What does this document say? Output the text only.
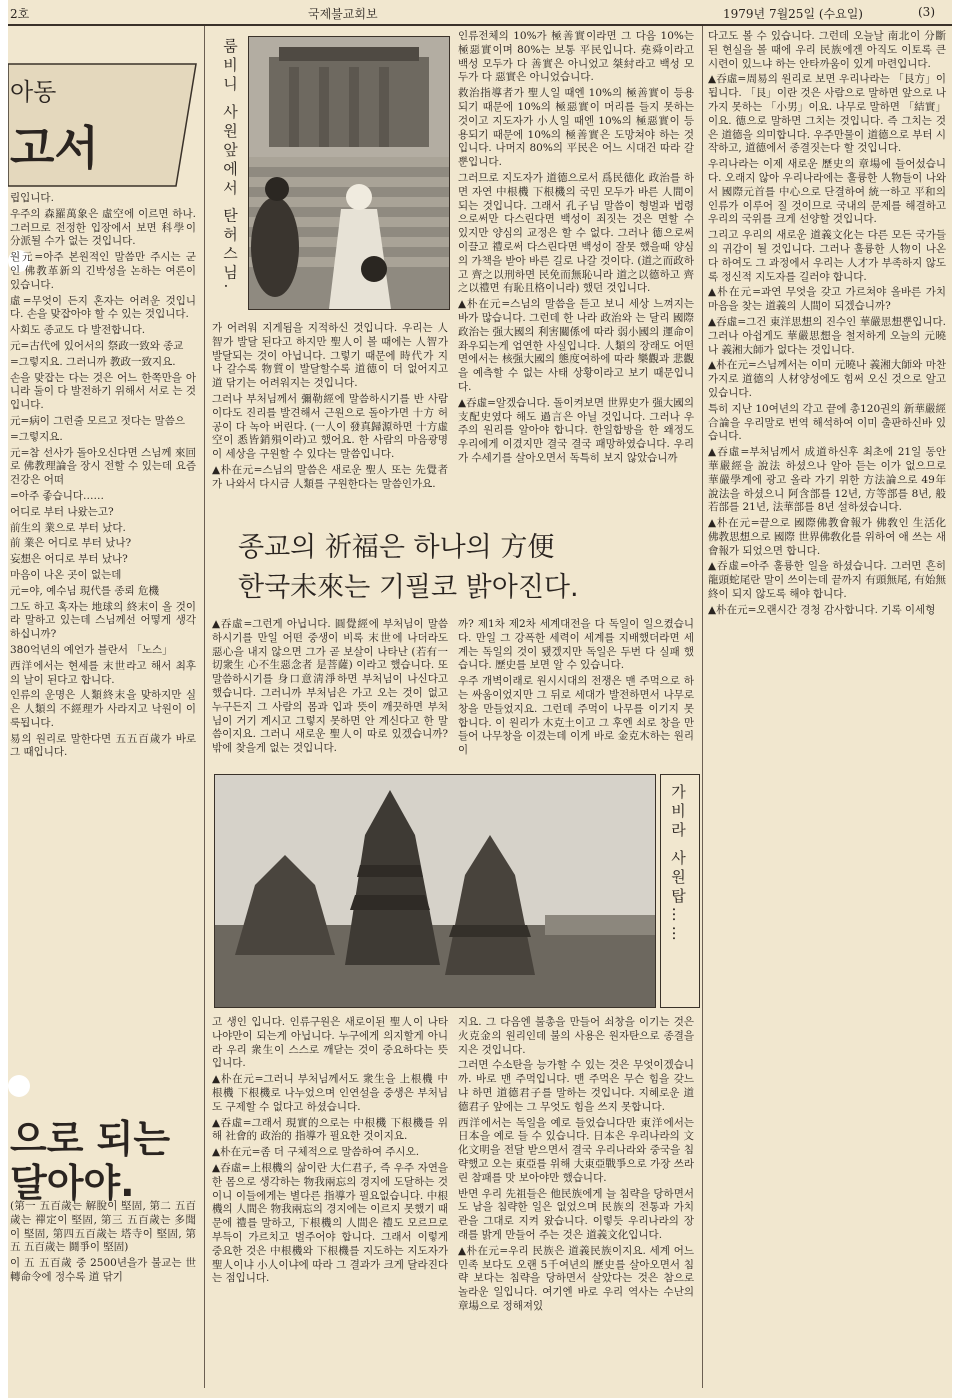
2호	국제불교회보	1979년 7월25일 (수요일)	(3)
아동
고서

립입니다.

우주의 森羅萬象은 虛空에 이르면 하나.그러므로 전정한 입장에서 보면 科學이 分派될 수가 없는 것입니다.

원元=아주 본원적인 말씀만 주시는 군 인 佛教革新의 긴박성을 논하는 여론이 있습니다.

虛=무엇이 든지 혼자는 어려운 것입니다. 손을 맞잡아야 할 수 있는 것입니다.

사회도 종교도 다 발전합니다.

元=古代에 있어서의 祭政一致와 종교

=그렇지요. 그러니까 教政一致지요.

손을 맞잡는 다는 것은 어느 한쪽만을 아니라 둘이 다 발전하기 위해서 서로 는 것입니다.

元=病이 그런줄 모르고 젓다는 말씀으

=그렇지요.

元=참 선사가 돌아오신다면 스님께 來回로 佛教理論을 장시 전할 수 있는데 요즘 건강은 어떠

=아주 좋습니다……

어디로 부터 나왔는고?

前生의 業으로 부터 났다.

前 業은 어디로 부터 났나?

妄想은 어디로 부터 났나?

마음이 나온 곳이 없는데

元=야, 예수님 現代를 종뢰 危機

그도 하고 혹자는 地球의 終末이 올 것이라 말하고 있는데 스님께선 어떻게 생각하십니까?

380억년의 예언가 블란서 「노스」

西洋에서는 현세를 末世라고 해서 최후의 날이 된다고 합니다.

인류의 운명은 人類終末을 맞하지만 실은 人類의 不經理가 사라지고 낙원이 이룩됩니다.

易의 원리로 말한다면 五五百歲가 바로 그 때입니다.

으로 되는
달아야.

(第一 五百歲는 解脫이 堅固, 第二 五百歲는 禪定이 堅固, 第三 五百歲는 多聞이 堅固, 第四五百歲는 塔寺이 堅固, 第五 五百歲는 鬪爭이 堅固)

이 五 五百歲 중 2500년을가 불교는 世轉命令에 정수록 道 닦기

룸비니 사원앞에서 탄허스님.

가 어려워 지게됨을 지적하신 것입니다. 우리는 人智가 발달 된다고 하지만 聖人이 볼 때에는 人智가 발달되는 것이 아닙니다. 그렇기 때문에 時代가 지나 갈수록 物質이 발달할수록 道德이 더 없어지고 道 닦기는 어려워지는 것입니다.

그러나 부처님께서 彌勒經에 말씀하시기를 반 사람이다도 진리를 발견해서 근원으로 돌아가면 十方 허공이 다 녹아 버린다. (一人이 發真歸源하면 十方虛空이 悉皆銷殞이라)고 했어요. 한 사람의 마음광명이 세상을 구원할 수 있다는 말씀입니다.

▲朴在元=스님의 말씀은 새로운 聖人 또는 先覺者가 나와서 다시금 人類를 구원한다는 말씀인가요.

인류전체의 10%가 極善實이라면 그 다음 10%는 極惡實이며 80%는 보통 平民입니다. 堯舜이라고 백성 모두가 다 善實은 아니었고 桀紂라고 백성 모두가 다 惡實은 아니었습니다.

救治指導者가 聖人일 때엔 10%의 極善實이 등용되기 때문에 10%의 極惡實이 머리를 들지 못하는 것이고 지도자가 小人일 때엔 10%의 極惡實이 등용되기 때문에 10%의 極善實은 도망쳐야 하는 것입니다. 나머지 80%의 平民은 어느 시대건 따라 갈 뿐입니다.

그러므로 지도자가 道德으로서 爲民德化 政治를 하면 자연 中根機 下根機의 국민 모두가 바른 人間이 되는 것입니다. 그래서 孔子님 말씀이 형벌과 법령으로써만 다스린다면 백성이 죄짓는 것은 면할 수 있지만 양심의 교정은 할 수 없다. 그러나 德으로써 이끌고 禮로써 다스린다면 백성이 잘못 했을때 양심의 가책을 받아 바른 길로 나갈 것이다. (道之而政하고 齊之以刑하면 民免而無恥니라 道之以德하고 齊之以禮면 有恥且格이니라) 했던 것입니다.

▲朴在元=스님의 말씀을 듣고 보니 세상 느껴지는 바가 많습니다. 그런데 한 나라 政治와 는 달리 國際政治는 强大國의 利害關係에 따라 弱小國의 運命이 좌우되는게 엄연한 사실입니다. 人類의 장래도 어떤 면에서는 核强大國의 態度여하에 따라 樂觀과 悲觀을 예측할 수 없는 사태 상황이라고 보기 때문입니다.

▲吞虛=알겠습니다. 돌이켜보면 世界史가 强大國의 支配史였다 해도 過言은 아닐 것입니다. 그러나 우주의 원리를 알아야 합니다. 한일합방을 한 왜정도 우리에게 이겼지만 결국 결국 패망하였습니다. 우리가 수세기를 살아오면서 독특히 보지 않았습니까

종교의 祈福은 하나의 方便
한국未來는 기필코 밝아진다.

▲吞虛=그런게 아닙니다. 圓覺經에 부처님이 말씀하시기를 만일 어떤 중생이 비록 末世에 나더라도 惡心을 내지 않으면 그가 곧 보살이 나타난 (若有一切衆生 心不生惡念者 是菩薩) 이라고 했습니다. 또 말씀하시기를 身口意淸淨하면 부처님이 나신다고 했습니다. 그러니까 부처님은 가고 오는 것이 없고 누구든지 그 사람의 몸과 입과 뜻이 깨끗하면 부처님이 거기 계시고 그렇지 못하면 안 계신다고 한 말씀이지요. 그러니 새로운 聖人이 따로 있겠습니까? 밖에 찾을게 없는 것입니다.

까? 제1차 제2차 세계대전을 다 독일이 일으켰습니다. 만일 그 강폭한 세력이 세계를 지배했더라면 세계는 독일의 것이 됐겠지만 독일은 두번 다 실패 했습니다. 歷史를 보면 알 수 있습니다.

우주 개벽이래로 원시시대의 전쟁은 맨 주먹으로 하는 싸움이었지만 그 뒤로 세대가 발전하면서 나무로 창을 만들었지요. 그런데 주먹이 나무를 이기지 못합니다. 이 원리가 木克土이고 그 후엔 쇠로 창을 만들어 나무창을 이겼는데 이게 바로 金克木하는 원리이

가비라 사원탑……

고 생인 입니다. 인류구원은 새로이된 聖人이 나타나야만이 되는게 아닙니다. 누구에게 의지할게 아니라 우리 衆生이 스스로 깨닫는 것이 중요하다는 뜻입니다.

▲朴在元=그러니 부처님께서도 衆生을 上根機 中根機 下根機로 나누었으며 인연설을 중생은 부처님도 구제할 수 없다고 하셨습니다.

▲吞虛=그래서 現實的으로는 中根機 下根機를 위해 社會的 政治的 指導가 필요한 것이지요.

▲朴在元=좀 더 구체적으로 말씀하여 주시오.

▲吞虛=上根機의 삶이란 大仁君子, 즉 우주 자연을 한 몸으로 생각하는 物我兩忘의 경지에 도달하는 것이니 이들에게는 별다른 指導가 필요없습니다. 中根機의 人間은 物我兩忘의 경지에는 이르지 못했기 때문에 禮를 말하고, 下根機의 人間은 禮도 모르므로 부득이 가르치고 벌주어야 합니다. 그래서 이렇게 중요한 것은 中根機와 下根機를 지도하는 지도자가 聖人이냐 小人이냐에 따라 그 결과가 크게 달라진다는 점입니다.

지요. 그 다음엔 불총을 만들어 쇠창을 이기는 것은 火克金의 원리인데 불의 사용은 원자탄으로 종결을 지은 것입니다.

그러면 수소탄을 능가할 수 있는 것은 무엇이겠습니까. 바로 맨 주먹입니다. 맨 주먹은 무슨 힘을 갖느냐 하면 道德君子를 말하는 것입니다. 지혜로운 道德君子 앞에는 그 무엇도 힘을 쓰지 못합니다.

西洋에서는 독일을 예로 들었습니다만 東洋에서는 日本을 예로 들 수 있습니다. 日本은 우리나라의 文化文明을 전달 받으면서 결국 우리나라와 중국을 침략했고 오는 東亞를 위해 大東亞戰爭으로 가장 쓰라린 참패를 맛 보아야만 했습니다.

반면 우리 先祖들은 他民族에게 늘 침략을 당하면서도 남을 침략한 일은 없었으며 民族의 전통과 가치관을 그대로 지켜 왔습니다. 이렇듯 우리나라의 장래를 밝게 만들어 주는 것은 道義文化입니다.

▲朴在元=우리 民族은 道義民族이지요. 세계 어느 민족 보다도 오랜 5千여년의 歷史를 살아오면서 침략 보다는 침략을 당하면서 살았다는 것은 참으로 놀라운 일입니다. 여기엔 바로 우리 역사는 수난의 章場으로 정해져있

다고도 볼 수 있습니다. 그런데 오늘날 南北이 分斷된 현실을 볼 때에 우리 民族에겐 아직도 이토록 큰 시련이 있느냐 하는 안타까움이 있게 마련입니다.

▲吞虛=周易의 원리로 보면 우리나라는 「艮方」이 됩니다. 「艮」이란 것은 사람으로 말하면 앞으로 나가지 못하는 「小男」이요. 나무로 말하면 「結實」이요. 德으로 말하면 그치는 것입니다. 즉 그치는 것은 道德을 의미합니다. 우주만물이 道德으로 부터 시작하고, 道德에서 종결짓는다 할 것입니다.

우리나라는 이제 새로운 歷史의 章場에 들어섰습니다. 오래지 않아 우리나라에는 훌륭한 人物들이 나와서 國際元首를 中心으로 단결하여 統一하고 平和의 인류가 이루어 질 것이므로 국내의 문제를 해결하고 우리의 국위를 크게 선양할 것입니다.

그리고 우리의 새로운 道義文化는 다른 모든 국가들의 귀감이 될 것입니다. 그러나 훌륭한 人物이 나온다 하여도 그 과정에서 우리는 人才가 부족하지 않도록 정신적 지도자를 길러야 합니다.

▲朴在元=과연 무엇을 갖고 가르쳐야 올바른 가치 마음을 찾는 道義의 人間이 되겠습니까?

▲吞虛=그건 東洋思想의 진수인 華嚴思想뿐입니다. 그러나 아쉽게도 華嚴思想을 철저하게 오늘의 元曉나 義湘大師가 없다는 것입니다.

▲朴在元=스님께서는 이미 元曉나 義湘大師와 마찬가지로 道德의 人材양성에도 힘써 오신 것으로 알고 있습니다.

특히 지난 10여년의 각고 끝에 총120권의 新華嚴經合論을 우리말로 번역 해석하여 이미 출판하신바 있습니다.

▲吞虛=부처님께서 成道하신후 최초에 21일 동안 華嚴經을 說法 하셨으나 알아 듣는 이가 없으므로 華嚴學계에 광고 올라 가기 위한 方法論으로 49年 說法을 하셨으니 阿含部를 12년, 方等部를 8년, 般若部를 21년, 法華部를 8년 설하셨습니다.

▲朴在元=끝으로 國際佛教會報가 佛敎인 生活化 佛教思想으로 國際 世界佛敎化를 위하여 애 쓰는 새 會報가 되었으면 합니다.

▲吞虛=아주 훌륭한 일을 하셨습니다. 그러면 흔히 龍頭蛇尾란 말이 쓰이는데 끝까지 有頭無尾, 有始無終이 되지 않도록 해야 합니다.

▲朴在元=오랜시간 경청 감사합니다. 기록 이세형
